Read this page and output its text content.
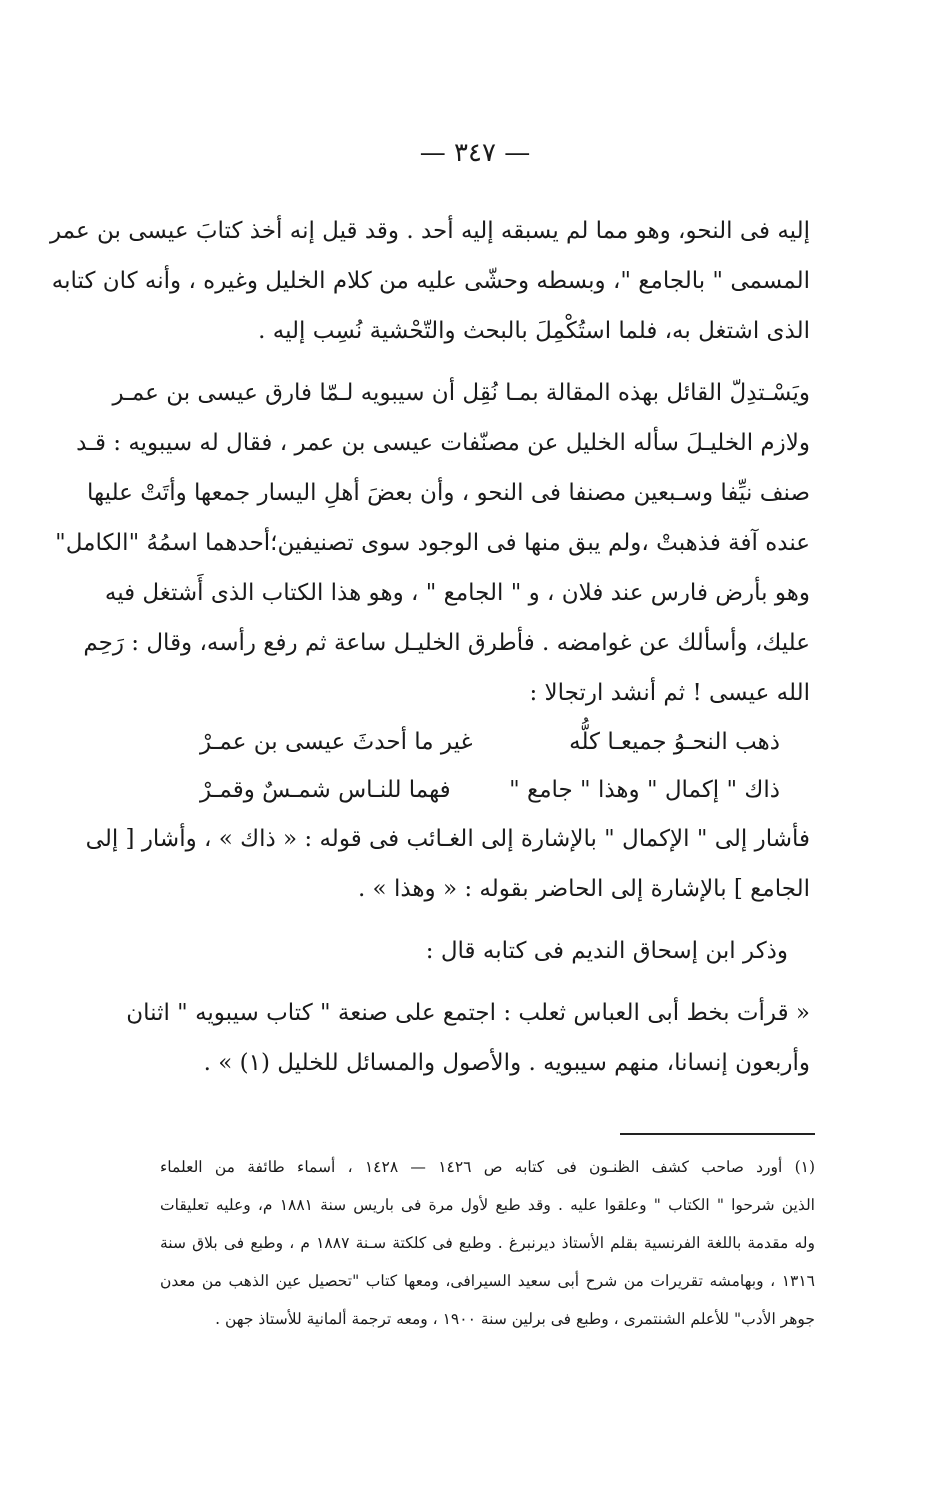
— ٣٤٧ —
إليه فى النحو، وهو مما لم يسبقه إليه أحد . وقد قيل إنه أخذ كتابَ عيسى بن عمر
المسمى " بالجامع "، وبسطه وحشّى عليه من كلام الخليل وغيره ، وأنه كان كتابه
الذى اشتغل به، فلما استُكْمِلَ بالبحث والتّحْشية نُسِب إليه .
ويَسْـتدِلّ القائل بهذه المقالة بمـا نُقِل أن سيبويه لـمّا فارق عيسى بن عمـر
ولازم الخليـلَ سأله الخليل عن مصنّفات عيسى بن عمر ، فقال له سيبويه : قـد
صنف نيِّفا وسـبعين مصنفا فى النحو ، وأن بعضَ أهلِ اليسار جمعها وأتَتْ عليها
عنده آفة فذهبتْ ،ولم يبق منها فى الوجود سوى تصنيفين؛أحدهما اسمُهُ "الكامل"
وهو بأرض فارس عند فلان ، و " الجامع " ، وهو هذا الكتاب الذى أَشتغل فيه
عليك، وأسألك عن غوامضه . فأطرق الخليـل ساعة ثم رفع رأسه، وقال : رَحِم
الله عيسى ! ثم أنشد ارتجالا :
ذهب النحـوُ جميعـا كلُّه
غير ما أحدثَ عيسى بن عمـرْ
ذاك " إكمال " وهذا " جامع "
فهما للنـاس شمـسٌ وقمـرْ
فأشار إلى " الإكمال " بالإشارة إلى الغـائب فى قوله : « ذاك » ، وأشار [ إلى
الجامع ] بالإشارة إلى الحاضر بقوله : « وهذا » .
وذكر ابن إسحاق النديم فى كتابه قال :
« قرأت بخط أبى العباس ثعلب : اجتمع على صنعة " كتاب سيبويه " اثنان
وأربعون إنسانا، منهم سيبويه . والأصول والمسائل للخليل (١) » .
(١) أورد صاحب كشف الظنـون فى كتابه ص ١٤٢٦ — ١٤٢٨ ، أسماء طائفة من العلماء
الذين شرحوا " الكتاب " وعلقوا عليه . وقد طبع لأول مرة فى باريس سنة ١٨٨١ م، وعليه تعليقات
وله مقدمة باللغة الفرنسية بقلم الأستاذ ديرنبرغ . وطبع فى كلكتة سـنة ١٨٨٧ م ، وطبع فى بلاق سنة
١٣١٦ ، وبهامشه تقريرات من شرح أبى سعيد السيرافى، ومعها كتاب "تحصيل عين الذهب من معدن
جوهر الأدب" للأعلم الشنتمرى ، وطبع فى برلين سنة ١٩٠٠ ، ومعه ترجمة ألمانية للأستاذ جهن .
